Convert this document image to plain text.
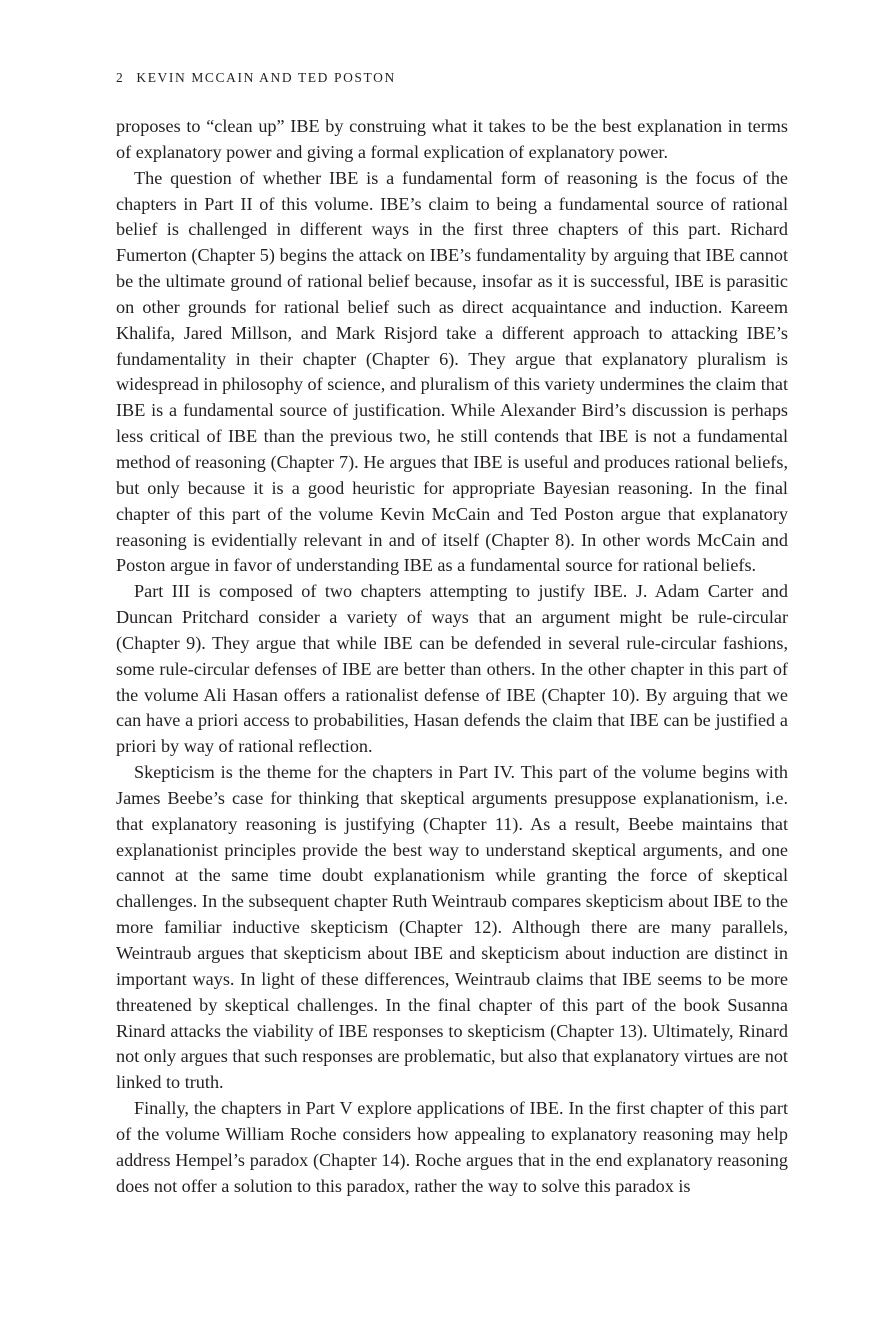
2 KEVIN MCCAIN AND TED POSTON

proposes to “clean up” IBE by construing what it takes to be the best explanation in terms of explanatory power and giving a formal explication of explanatory power.

The question of whether IBE is a fundamental form of reasoning is the focus of the chapters in Part II of this volume. IBE’s claim to being a fundamental source of rational belief is challenged in different ways in the first three chapters of this part. Richard Fumerton (Chapter 5) begins the attack on IBE’s fundamentality by arguing that IBE cannot be the ultimate ground of rational belief because, insofar as it is successful, IBE is parasitic on other grounds for rational belief such as direct acquaintance and induction. Kareem Khalifa, Jared Millson, and Mark Risjord take a different approach to attacking IBE’s fundamentality in their chapter (Chapter 6). They argue that explanatory pluralism is widespread in philosophy of science, and pluralism of this variety undermines the claim that IBE is a fundamental source of justification. While Alexander Bird’s discussion is perhaps less critical of IBE than the previous two, he still contends that IBE is not a fundamental method of reasoning (Chapter 7). He argues that IBE is useful and produces rational beliefs, but only because it is a good heuristic for appropriate Bayesian reasoning. In the final chapter of this part of the volume Kevin McCain and Ted Poston argue that explanatory reasoning is evidentially relevant in and of itself (Chapter 8). In other words McCain and Poston argue in favor of understanding IBE as a fundamental source for rational beliefs.

Part III is composed of two chapters attempting to justify IBE. J. Adam Carter and Duncan Pritchard consider a variety of ways that an argument might be rule-circular (Chapter 9). They argue that while IBE can be defended in several rule-circular fashions, some rule-circular defenses of IBE are better than others. In the other chapter in this part of the volume Ali Hasan offers a rationalist defense of IBE (Chapter 10). By arguing that we can have a priori access to probabilities, Hasan defends the claim that IBE can be justified a priori by way of rational reflection.

Skepticism is the theme for the chapters in Part IV. This part of the volume begins with James Beebe’s case for thinking that skeptical arguments presuppose explanationism, i.e. that explanatory reasoning is justifying (Chapter 11). As a result, Beebe maintains that explanationist principles provide the best way to understand skeptical arguments, and one cannot at the same time doubt explanationism while granting the force of skeptical challenges. In the subsequent chapter Ruth Weintraub compares skepticism about IBE to the more familiar inductive skepticism (Chapter 12). Although there are many parallels, Weintraub argues that skepticism about IBE and skepticism about induction are distinct in important ways. In light of these differences, Weintraub claims that IBE seems to be more threatened by skeptical challenges. In the final chapter of this part of the book Susanna Rinard attacks the viability of IBE responses to skepticism (Chapter 13). Ultimately, Rinard not only argues that such responses are problematic, but also that explanatory virtues are not linked to truth.

Finally, the chapters in Part V explore applications of IBE. In the first chapter of this part of the volume William Roche considers how appealing to explanatory reasoning may help address Hempel’s paradox (Chapter 14). Roche argues that in the end explanatory reasoning does not offer a solution to this paradox, rather the way to solve this paradox is
